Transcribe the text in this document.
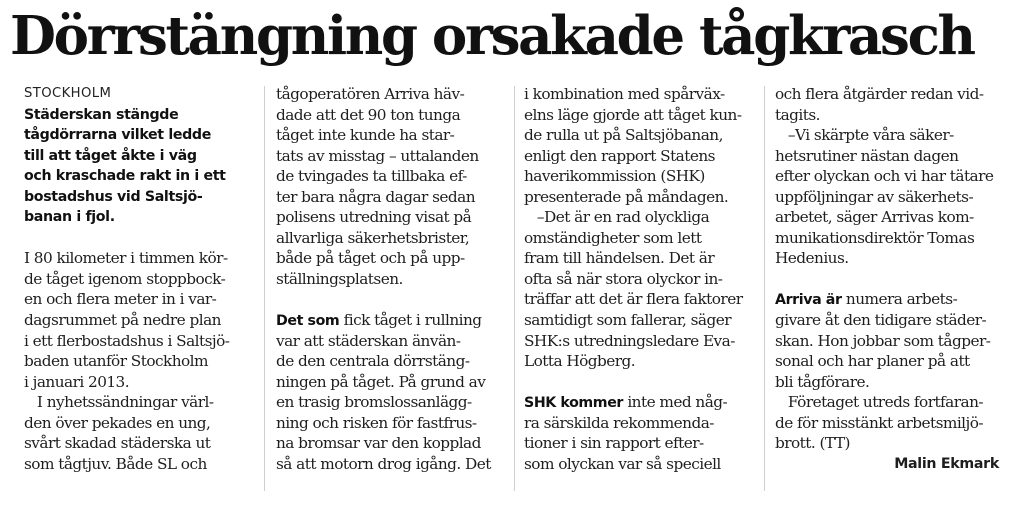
Dörrstängning orsakade tågkrasch
STOCKHOLM
Städerskan stängde
tågdörrarna vilket ledde
till att tåget åkte i väg
och kraschade rakt in i ett
bostadshus vid Saltsjö-
banan i fjol.
I 80 kilometer i timmen kör-
de tåget igenom stoppbock-
en och flera meter in i var-
dagsrummet på nedre plan
i ett flerbostadshus i Saltsjö-
baden utanför Stockholm
i januari 2013.
I nyhetssändningar värl-
den över pekades en ung,
svårt skadad städerska ut
som tågtjuv. Både SL och
tågoperatören Arriva häv-
dade att det 90 ton tunga
tåget inte kunde ha star-
tats av misstag – uttalanden
de tvingades ta tillbaka ef-
ter bara några dagar sedan
polisens utredning visat på
allvarliga säkerhetsbrister,
både på tåget och på upp-
ställningsplatsen.
Det som fick tåget i rullning
var att städerskan änvän-
de den centrala dörrstäng-
ningen på tåget. På grund av
en trasig bromslossanlägg-
ning och risken för fastfrus-
na bromsar var den kopplad
så att motorn drog igång. Det
i kombination med spårväx-
elns läge gjorde att tåget kun-
de rulla ut på Saltsjöbanan,
enligt den rapport Statens
haverikommission (SHK)
presenterade på måndagen.
–Det är en rad olyckliga
omständigheter som lett
fram till händelsen. Det är
ofta så när stora olyckor in-
träffar att det är flera faktorer
samtidigt som fallerar, säger
SHK:s utredningsledare Eva-
Lotta Högberg.
SHK kommer inte med någ-
ra särskilda rekommenda-
tioner i sin rapport efter-
som olyckan var så speciell
och flera åtgärder redan vid-
tagits.
–Vi skärpte våra säker-
hetsrutiner nästan dagen
efter olyckan och vi har tätare
uppföljningar av säkerhets-
arbetet, säger Arrivas kom-
munikationsdirektör Tomas
Hedenius.
Arriva är numera arbets-
givare åt den tidigare städer-
skan. Hon jobbar som tågper-
sonal och har planer på att
bli tågförare.
Företaget utreds fortfaran-
de för misstänkt arbetsmiljö-
brott. (TT)
Malin Ekmark
